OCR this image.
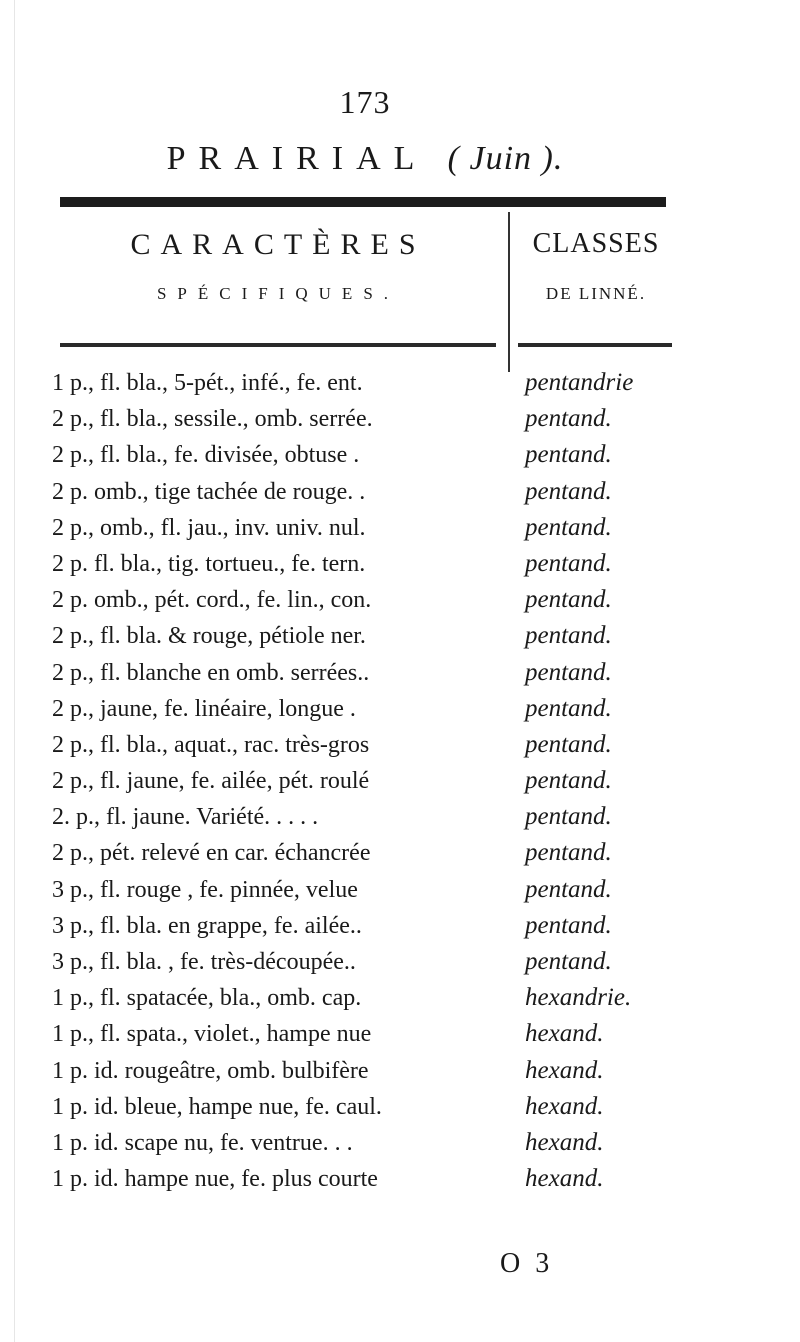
173
PRAIRIAL ( Juin ).
CARACTÈRES
SPÉCIFIQUES.
CLASSES
DE LINNÉ.
1 p., fl. bla., 5-pét., infé., fe. ent.	pentandrie
2 p., fl. bla., sessile., omb. serrée.	pentand.
2 p., fl. bla., fe. divisée, obtuse .	pentand.
2 p. omb., tige tachée de rouge. .	pentand.
2 p., omb., fl. jau., inv. univ. nul.	pentand.
2 p. fl. bla., tig. tortueu., fe. tern.	pentand.
2 p. omb., pét. cord., fe. lin., con.	pentand.
2 p., fl. bla. & rouge, pétiole ner.	pentand.
2 p., fl. blanche en omb. serrées..	pentand.
2 p., jaune, fe. linéaire, longue .	pentand.
2 p., fl. bla., aquat., rac. très-gros	pentand.
2 p., fl. jaune, fe. ailée, pét. roulé	pentand.
2. p., fl. jaune. Variété. . . . .	pentand.
2 p., pét. relevé en car. échancrée	pentand.
3 p., fl. rouge , fe. pinnée, velue	pentand.
3 p., fl. bla. en grappe, fe. ailée..	pentand.
3 p., fl. bla. , fe. très-découpée..	pentand.
1 p., fl. spatacée, bla., omb. cap.	hexandrie.
1 p., fl. spata., violet., hampe nue	hexand.
1 p. id. rougeâtre, omb. bulbifère	hexand.
1 p. id. bleue, hampe nue, fe. caul.	hexand.
1 p. id. scape nu, fe. ventrue. . .	hexand.
1 p. id. hampe nue, fe. plus courte	hexand.
O 3
